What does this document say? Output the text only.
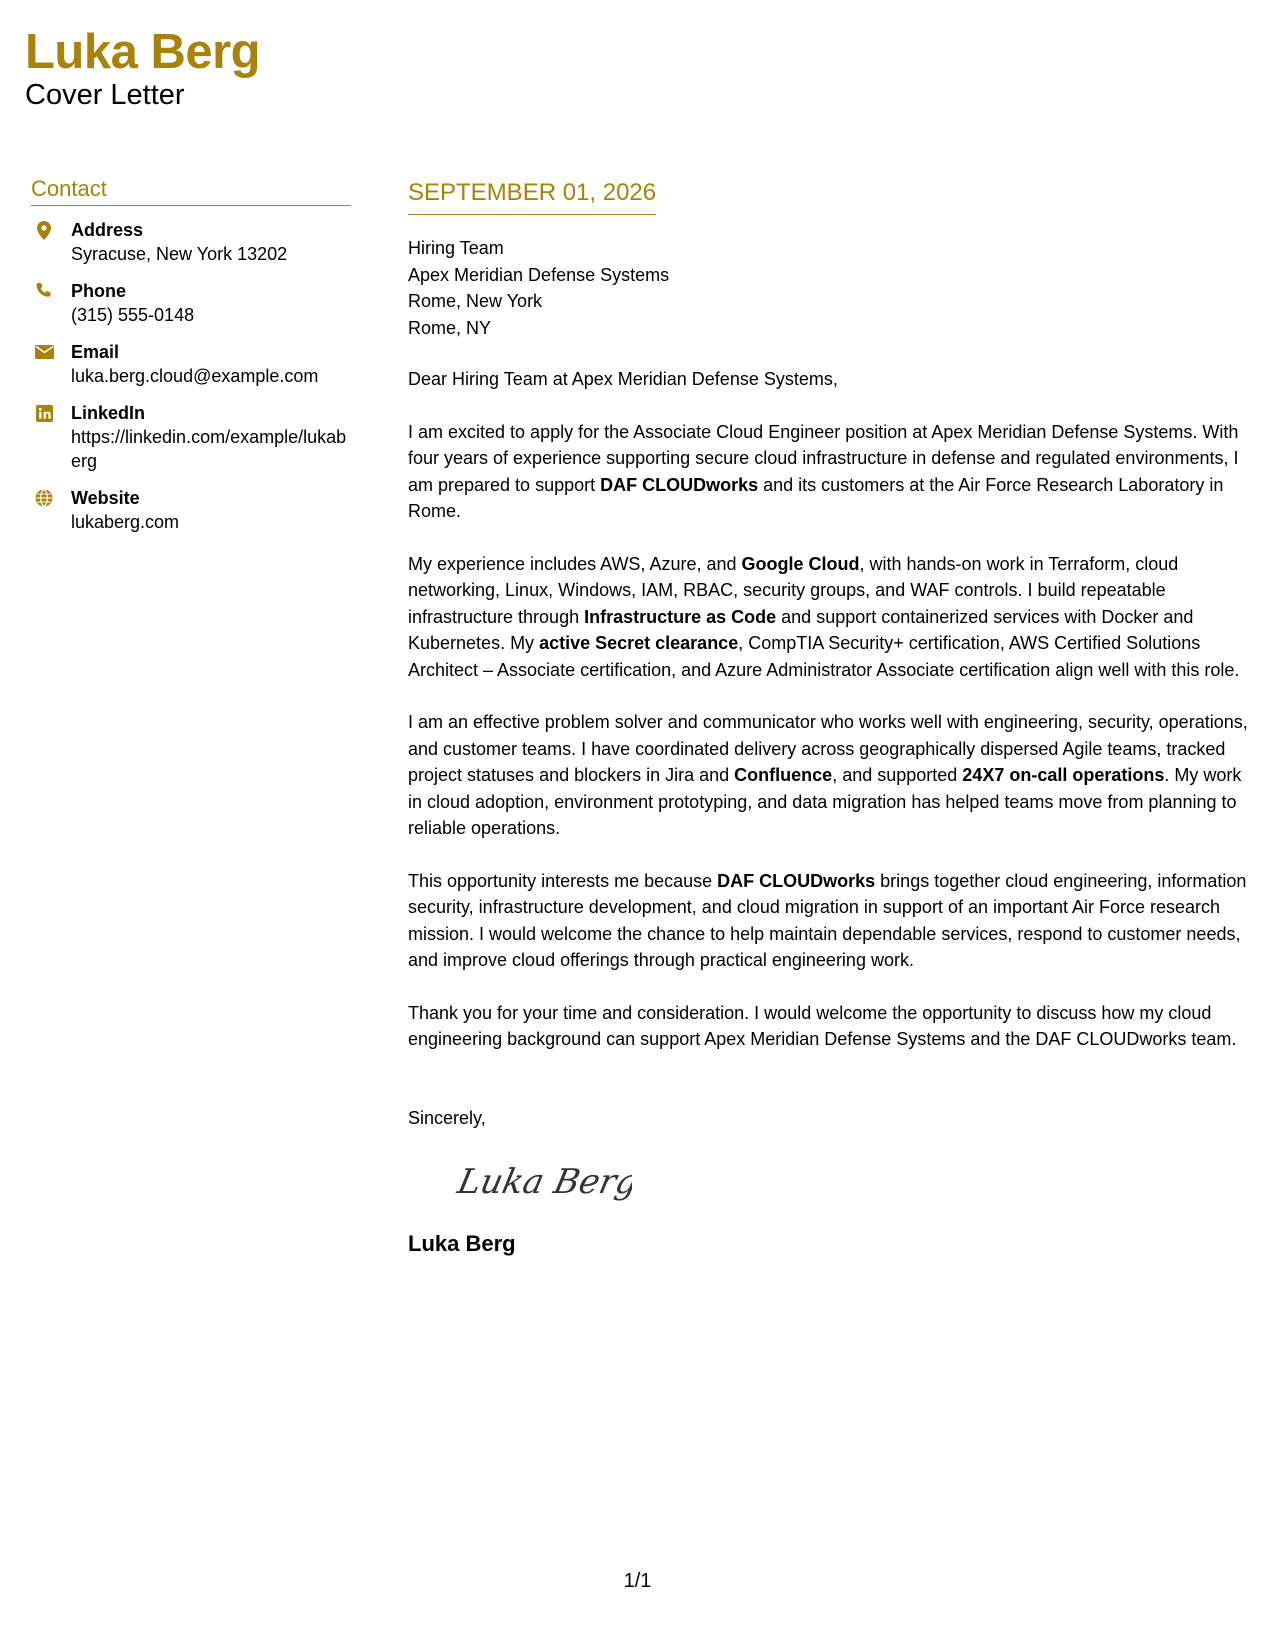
Luka Berg
Cover Letter
Contact
Address
Syracuse, New York 13202
Phone
(315) 555-0148
Email
luka.berg.cloud@example.com
LinkedIn
https://linkedin.com/example/lukaberg
Website
lukaberg.com
SEPTEMBER 01, 2026
Hiring Team
Apex Meridian Defense Systems
Rome, New York
Rome, NY
Dear Hiring Team at Apex Meridian Defense Systems,
I am excited to apply for the Associate Cloud Engineer position at Apex Meridian Defense Systems. With four years of experience supporting secure cloud infrastructure in defense and regulated environments, I am prepared to support DAF CLOUDworks and its customers at the Air Force Research Laboratory in Rome.
My experience includes AWS, Azure, and Google Cloud, with hands-on work in Terraform, cloud networking, Linux, Windows, IAM, RBAC, security groups, and WAF controls. I build repeatable infrastructure through Infrastructure as Code and support containerized services with Docker and Kubernetes. My active Secret clearance, CompTIA Security+ certification, AWS Certified Solutions Architect – Associate certification, and Azure Administrator Associate certification align well with this role.
I am an effective problem solver and communicator who works well with engineering, security, operations, and customer teams. I have coordinated delivery across geographically dispersed Agile teams, tracked project statuses and blockers in Jira and Confluence, and supported 24X7 on-call operations. My work in cloud adoption, environment prototyping, and data migration has helped teams move from planning to reliable operations.
This opportunity interests me because DAF CLOUDworks brings together cloud engineering, information security, infrastructure development, and cloud migration in support of an important Air Force research mission. I would welcome the chance to help maintain dependable services, respond to customer needs, and improve cloud offerings through practical engineering work.
Thank you for your time and consideration. I would welcome the opportunity to discuss how my cloud engineering background can support Apex Meridian Defense Systems and the DAF CLOUDworks team.
Sincerely,
Luka Berg
Luka Berg
1/1
